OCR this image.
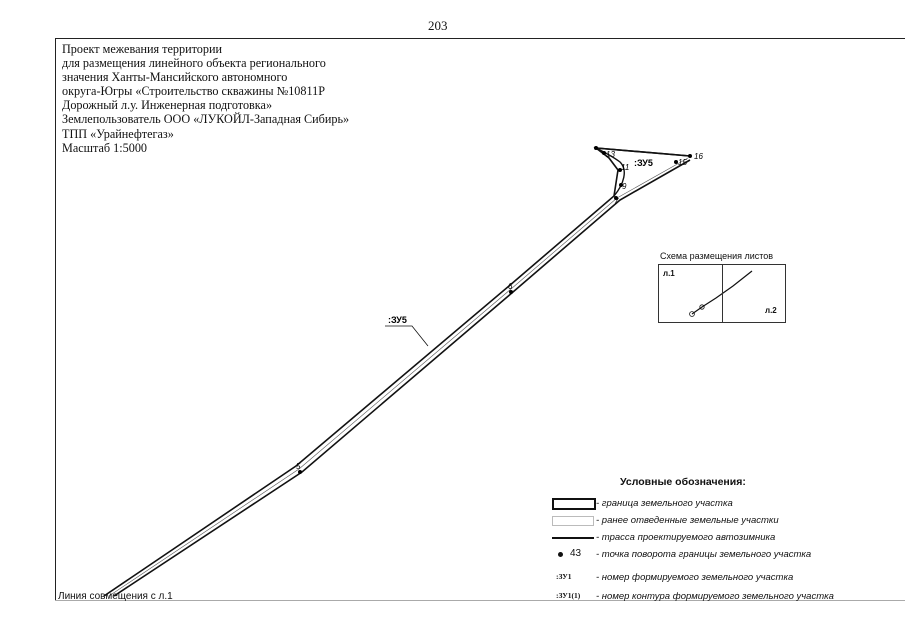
203
Проект межевания территории
для размещения линейного объекта регионального
значения Ханты-Мансийского автономного
округа-Югры «Строительство скважины №10811Р
Дорожный л.у. Инженерная подготовка»
Землепользователь ООО «ЛУКОЙЛ-Западная Сибирь»
ТПП «Урайнефтегаз»
Масштаб 1:5000
:ЗУ5
:ЗУ5
5
6
7
9
11
13
15
16
Схема размещения листов
л.1
л.2
Условные обозначения:
- граница земельного участка
- ранее отведенные земельные участки
- трасса проектируемого автозимника
43 - точка поворота границы земельного участка
:ЗУ1	- номер формируемого земельного участка
:ЗУ1(1) - номер контура формируемого земельного участка
Линия совмещения с л.1
